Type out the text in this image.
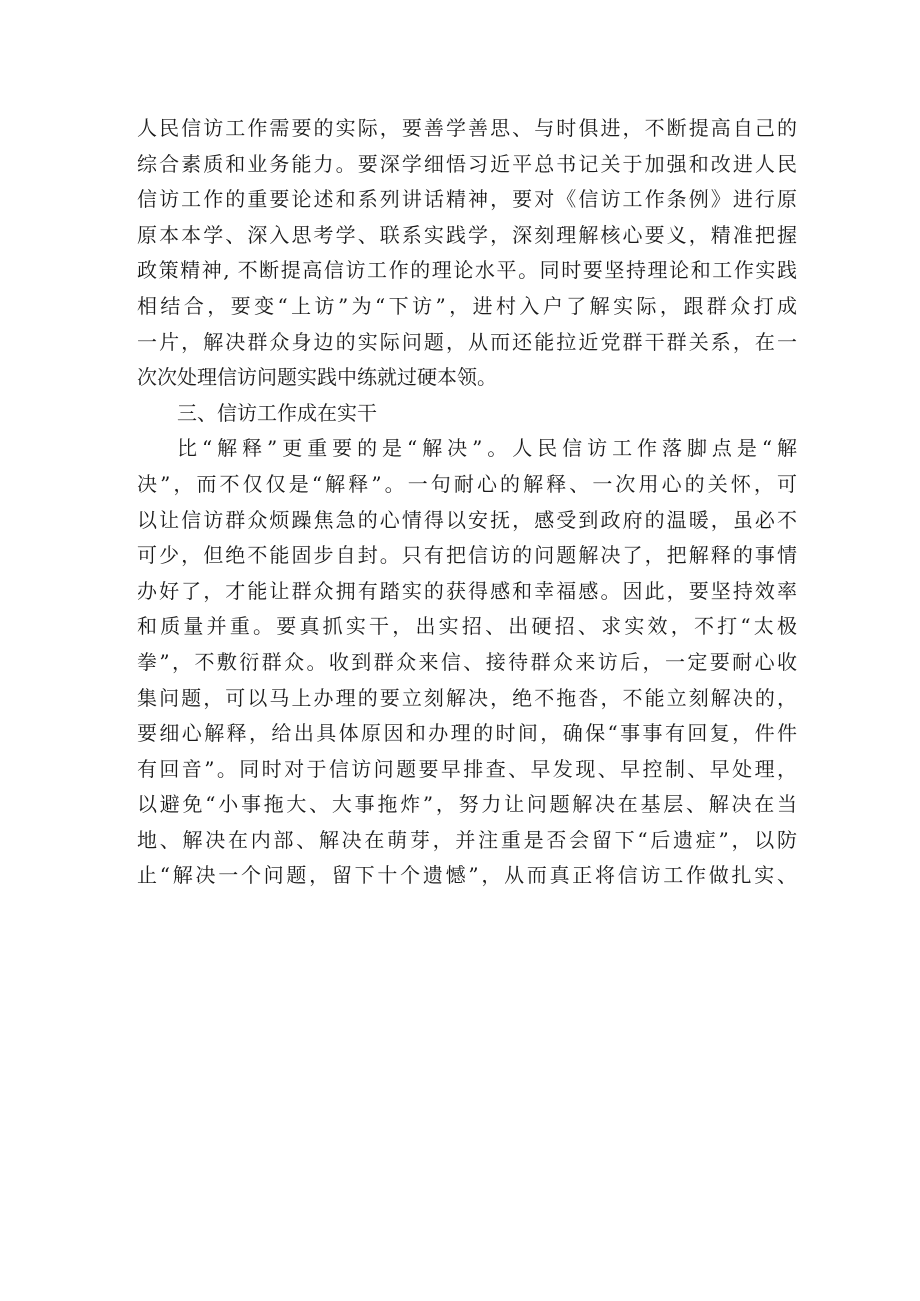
人民信访工作需要的实际，要善学善思、与时俱进，不断提高自己的
综合素质和业务能力。要深学细悟习近平总书记关于加强和改进人民
信访工作的重要论述和系列讲话精神，要对《信访工作条例》进行原
原本本学、深入思考学、联系实践学，深刻理解核心要义，精准把握
政策精神, 不断提高信访工作的理论水平。同时要坚持理论和工作实践
相结合，要变“上访”为“下访”，进村入户了解实际，跟群众打成
一片，解决群众身边的实际问题，从而还能拉近党群干群关系，在一
次次处理信访问题实践中练就过硬本领。
三、信访工作成在实干
比“解释”更重要的是“解决”。人民信访工作落脚点是“解
决”，而不仅仅是“解释”。一句耐心的解释、一次用心的关怀，可
以让信访群众烦躁焦急的心情得以安抚，感受到政府的温暖，虽必不
可少，但绝不能固步自封。只有把信访的问题解决了，把解释的事情
办好了，才能让群众拥有踏实的获得感和幸福感。因此，要坚持效率
和质量并重。要真抓实干，出实招、出硬招、求实效，不打“太极
拳”，不敷衍群众。收到群众来信、接待群众来访后，一定要耐心收
集问题，可以马上办理的要立刻解决，绝不拖沓，不能立刻解决的，
要细心解释，给出具体原因和办理的时间，确保“事事有回复，件件
有回音”。同时对于信访问题要早排查、早发现、早控制、早处理，
以避免“小事拖大、大事拖炸”，努力让问题解决在基层、解决在当
地、解决在内部、解决在萌芽，并注重是否会留下“后遗症”，以防
止“解决一个问题，留下十个遗憾”，从而真正将信访工作做扎实、
